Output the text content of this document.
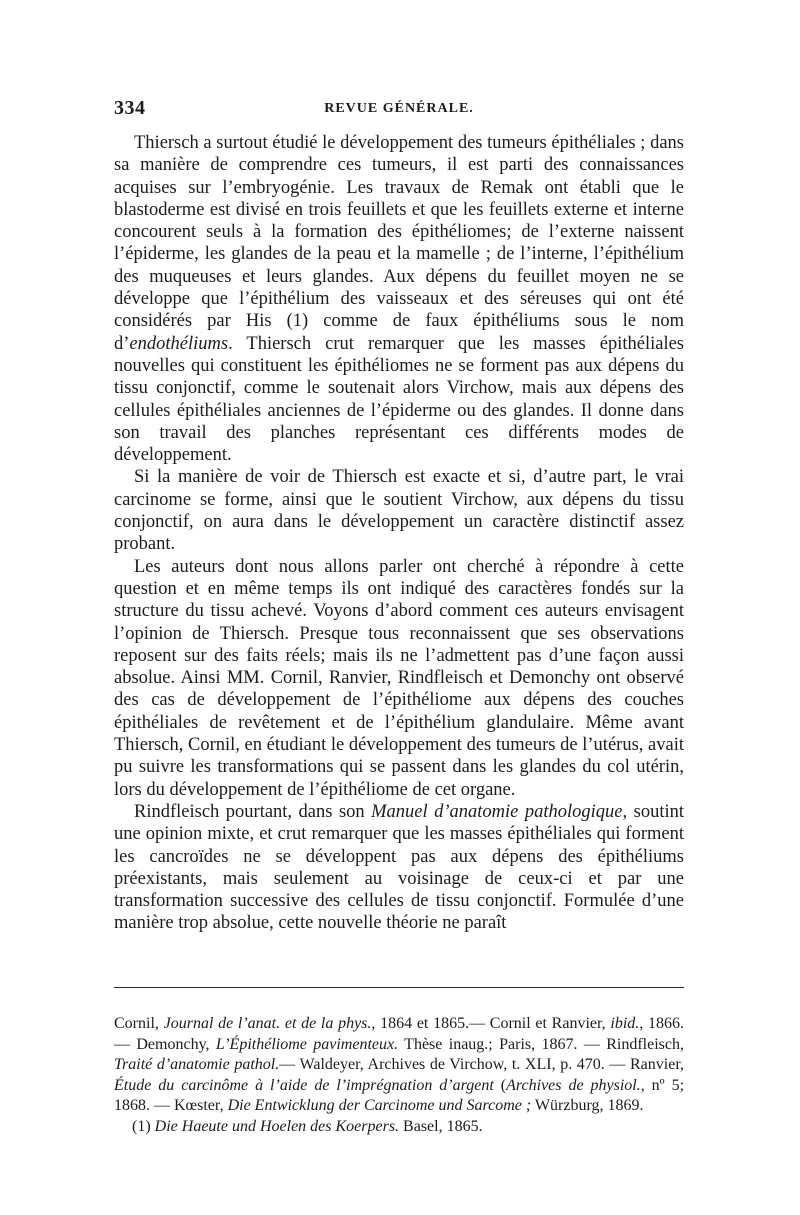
334	REVUE GÉNÉRALE.

Thiersch a surtout étudié le développement des tumeurs épithéliales ; dans sa manière de comprendre ces tumeurs, il est parti des connaissances acquises sur l’embryogénie. Les travaux de Remak ont établi que le blastoderme est divisé en trois feuillets et que les feuillets externe et interne concourent seuls à la formation des épithéliomes; de l’externe naissent l’épiderme, les glandes de la peau et la mamelle ; de l’interne, l’épithélium des muqueuses et leurs glandes. Aux dépens du feuillet moyen ne se développe que l’épithélium des vaisseaux et des séreuses qui ont été considérés par His (1) comme de faux épithéliums sous le nom d’endothéliums. Thiersch crut remarquer que les masses épithéliales nouvelles qui constituent les épithéliomes ne se forment pas aux dépens du tissu conjonctif, comme le soutenait alors Virchow, mais aux dépens des cellules épithéliales anciennes de l’épiderme ou des glandes. Il donne dans son travail des planches représentant ces différents modes de développement.

Si la manière de voir de Thiersch est exacte et si, d’autre part, le vrai carcinome se forme, ainsi que le soutient Virchow, aux dépens du tissu conjonctif, on aura dans le développement un caractère distinctif assez probant.

Les auteurs dont nous allons parler ont cherché à répondre à cette question et en même temps ils ont indiqué des caractères fondés sur la structure du tissu achevé. Voyons d’abord comment ces auteurs envisagent l’opinion de Thiersch. Presque tous reconnaissent que ses observations reposent sur des faits réels; mais ils ne l’admettent pas d’une façon aussi absolue. Ainsi MM. Cornil, Ranvier, Rindfleisch et Demonchy ont observé des cas de développement de l’épithéliome aux dépens des couches épithéliales de revêtement et de l’épithélium glandulaire. Même avant Thiersch, Cornil, en étudiant le développement des tumeurs de l’utérus, avait pu suivre les transformations qui se passent dans les glandes du col utérin, lors du développement de l’épithéliome de cet organe.

Rindfleisch pourtant, dans son Manuel d’anatomie pathologique, soutint une opinion mixte, et crut remarquer que les masses épithéliales qui forment les cancroïdes ne se développent pas aux dépens des épithéliums préexistants, mais seulement au voisinage de ceux-ci et par une transformation successive des cellules de tissu conjonctif. Formulée d’une manière trop absolue, cette nouvelle théorie ne paraît

Cornil, Journal de l’anat. et de la phys., 1864 et 1865.— Cornil et Ranvier, ibid., 1866. — Demonchy, L’Épithéliome pavimenteux. Thèse inaug.; Paris, 1867. — Rindfleisch, Traité d’anatomie pathol.— Waldeyer, Archives de Virchow, t. XLI, p. 470. — Ranvier, Étude du carcinôme à l’aide de l’imprégnation d’argent (Archives de physiol., nº 5; 1868. — Kœster, Die Entwicklung der Carcinome und Sarcome ; Würzburg, 1869.

(1) Die Haeute und Hoelen des Koerpers. Basel, 1865.
